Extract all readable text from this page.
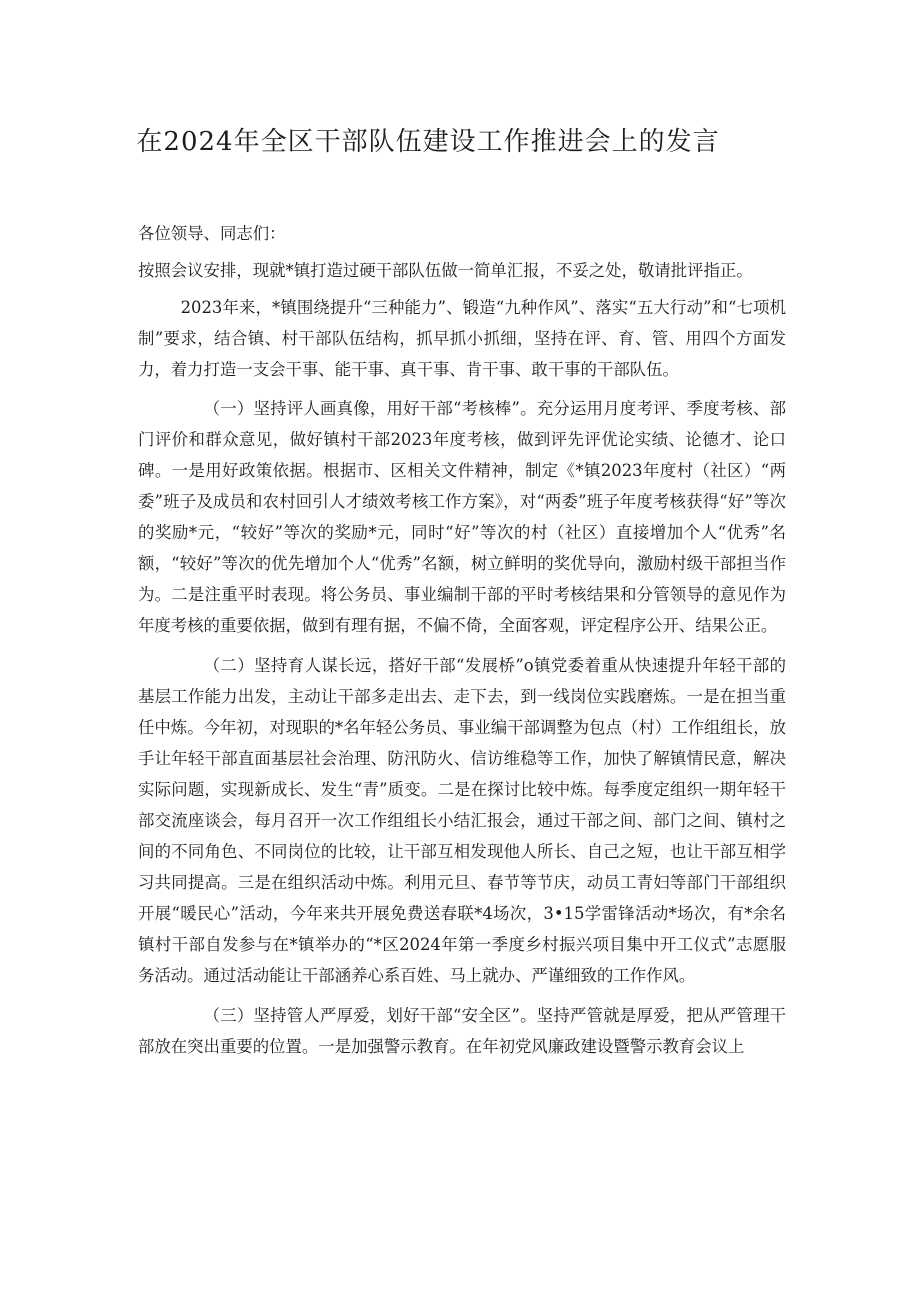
在2024年全区干部队伍建设工作推进会上的发言

各位领导、同志们：

按照会议安排，现就*镇打造过硬干部队伍做一简单汇报，不妥之处，敬请批评指正。

2023年来，*镇围绕提升“三种能力”、锻造“九种作风”、落实“五大行动”和“七项机制”要求，结合镇、村干部队伍结构，抓早抓小抓细，坚持在评、育、管、用四个方面发力，着力打造一支会干事、能干事、真干事、肯干事、敢干事的干部队伍。

（一）坚持评人画真像，用好干部“考核棒”。充分运用月度考评、季度考核、部门评价和群众意见，做好镇村干部2023年度考核，做到评先评优论实绩、论德才、论口碑。一是用好政策依据。根据市、区相关文件精神，制定《*镇2023年度村（社区）“两委”班子及成员和农村回引人才绩效考核工作方案》，对“两委”班子年度考核获得“好”等次的奖励*元，“较好”等次的奖励*元，同时“好”等次的村（社区）直接增加个人“优秀”名额，“较好”等次的优先增加个人“优秀”名额，树立鲜明的奖优导向，激励村级干部担当作为。二是注重平时表现。将公务员、事业编制干部的平时考核结果和分管领导的意见作为年度考核的重要依据，做到有理有据，不偏不倚，全面客观，评定程序公开、结果公正。

（二）坚持育人谋长远，搭好干部“发展桥”o镇党委着重从快速提升年轻干部的基层工作能力出发，主动让干部多走出去、走下去，到一线岗位实践磨炼。一是在担当重任中炼。今年初，对现职的*名年轻公务员、事业编干部调整为包点（村）工作组组长，放手让年轻干部直面基层社会治理、防汛防火、信访维稳等工作，加快了解镇情民意，解决实际问题，实现新成长、发生“青”质变。二是在探讨比较中炼。每季度定组织一期年轻干部交流座谈会，每月召开一次工作组组长小结汇报会，通过干部之间、部门之间、镇村之间的不同角色、不同岗位的比较，让干部互相发现他人所长、自己之短，也让干部互相学习共同提高。三是在组织活动中炼。利用元旦、春节等节庆，动员工青妇等部门干部组织开展“暖民心”活动，今年来共开展免费送春联*4场次，3•15学雷锋活动*场次，有*余名镇村干部自发参与在*镇举办的“*区2024年第一季度乡村振兴项目集中开工仪式”志愿服务活动。通过活动能让干部涵养心系百姓、马上就办、严谨细致的工作作风。

（三）坚持管人严厚爱，划好干部“安全区”。坚持严管就是厚爱，把从严管理干部放在突出重要的位置。一是加强警示教育。在年初党风廉政建设暨警示教育会议上
